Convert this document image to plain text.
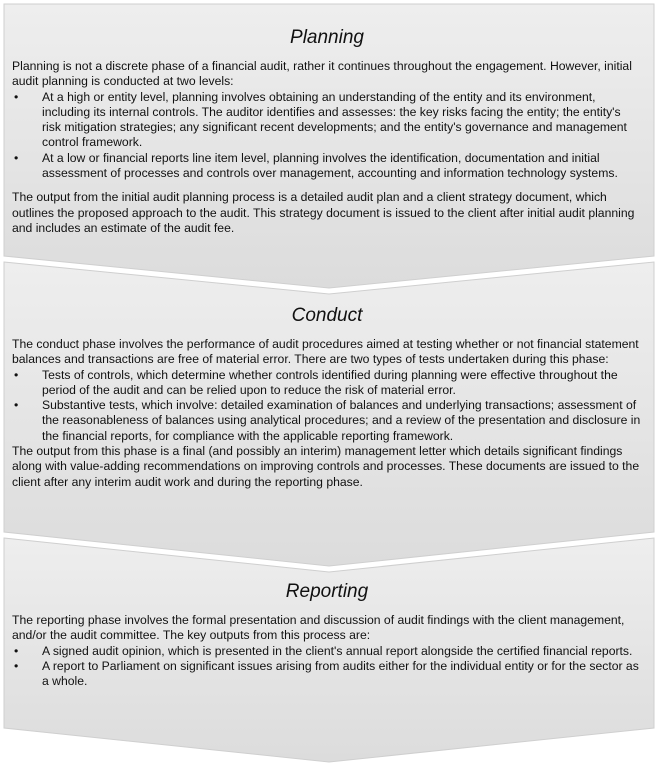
Planning

Planning is not a discrete phase of a financial audit, rather it continues throughout the engagement. However, initial audit planning is conducted at two levels:

• At a high or entity level, planning involves obtaining an understanding of the entity and its environment, including its internal controls. The auditor identifies and assesses: the key risks facing the entity; the entity's risk mitigation strategies; any significant recent developments; and the entity's governance and management control framework.
• At a low or financial reports line item level, planning involves the identification, documentation and initial assessment of processes and controls over management, accounting and information technology systems.

The output from the initial audit planning process is a detailed audit plan and a client strategy document, which outlines the proposed approach to the audit. This strategy document is issued to the client after initial audit planning and includes an estimate of the audit fee.

Conduct

The conduct phase involves the performance of audit procedures aimed at testing whether or not financial statement balances and transactions are free of material error. There are two types of tests undertaken during this phase:

• Tests of controls, which determine whether controls identified during planning were effective throughout the period of the audit and can be relied upon to reduce the risk of material error.
• Substantive tests, which involve: detailed examination of balances and underlying transactions; assessment of the reasonableness of balances using analytical procedures; and a review of the presentation and disclosure in the financial reports, for compliance with the applicable reporting framework.

The output from this phase is a final (and possibly an interim) management letter which details significant findings along with value-adding recommendations on improving controls and processes. These documents are issued to the client after any interim audit work and during the reporting phase.

Reporting

The reporting phase involves the formal presentation and discussion of audit findings with the client management, and/or the audit committee. The key outputs from this process are:

• A signed audit opinion, which is presented in the client's annual report alongside the certified financial reports.
• A report to Parliament on significant issues arising from audits either for the individual entity or for the sector as a whole.
